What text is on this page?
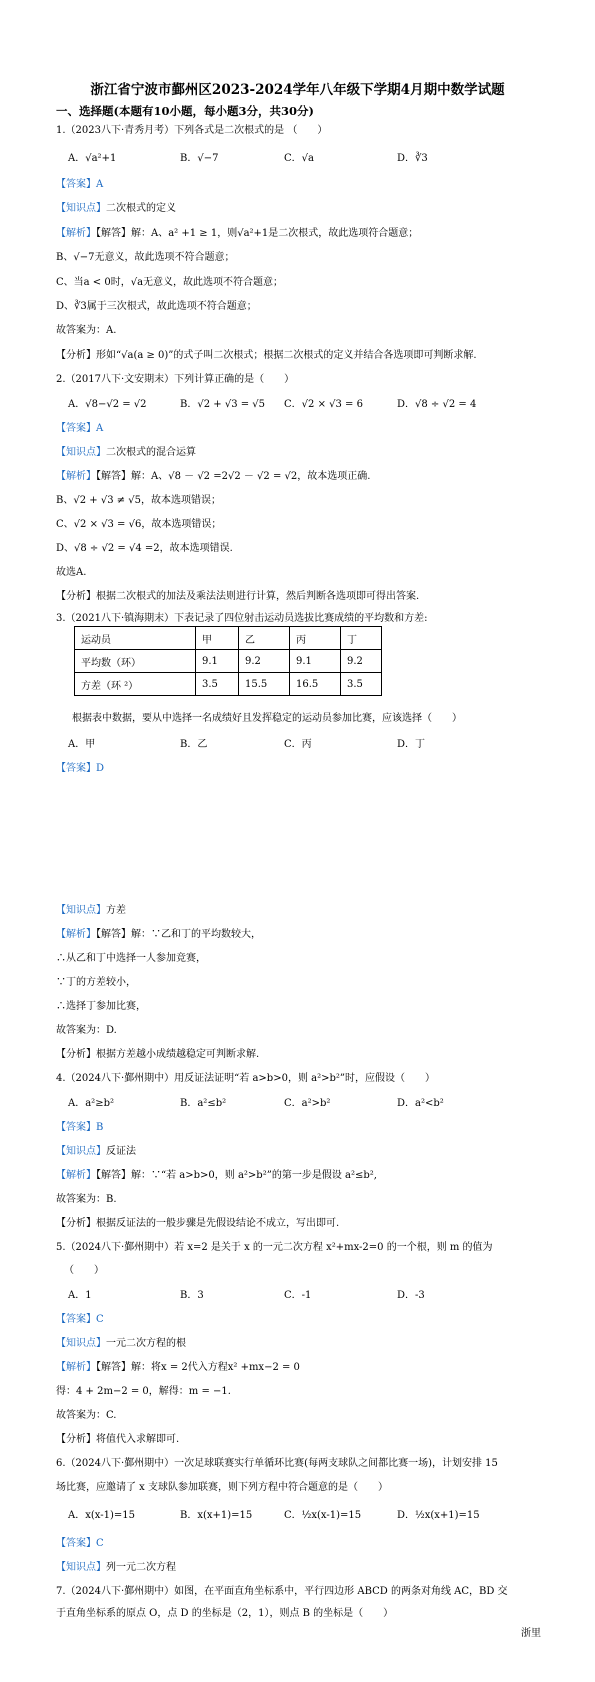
浙江省宁波市鄞州区2023-2024学年八年级下学期4月期中数学试题
一、选择题(本题有10小题，每小题3分，共30分)
1.（2023八下·青秀月考）下列各式是二次根式的是 （　　）
A．√a²+1	B．√−7	C．√a	D．∛3
【答案】A
【知识点】二次根式的定义
【解析】【解答】解：A、a² +1 ≥ 1，则√a²+1是二次根式，故此选项符合题意；
B、√−7无意义，故此选项不符合题意；
C、当a < 0时，√a无意义，故此选项不符合题意；
D、∛3属于三次根式，故此选项不符合题意；
故答案为：A.
【分析】形如“√a(a ≥ 0)”的式子叫二次根式；根据二次根式的定义并结合各选项即可判断求解.
2.（2017八下·文安期末）下列计算正确的是（　　）
A．√8−√2 = √2	B．√2 + √3 = √5 C．√2 × √3 = 6	D．√8 ÷ √2 = 4
【答案】A
【知识点】二次根式的混合运算
【解析】【解答】解：A、√8 － √2 =2√2 － √2 = √2，故本选项正确.
B、√2 + √3 ≠ √5，故本选项错误；
C、√2 × √3 = √6，故本选项错误；
D、√8 ÷ √2 = √4 =2，故本选项错误.
故选A.
【分析】根据二次根式的加法及乘法法则进行计算，然后判断各选项即可得出答案.
3.（2021八下·镇海期末）下表记录了四位射击运动员选拔比赛成绩的平均数和方差:
运动员	甲	乙	丙	丁
平均数（环）	9.1	9.2	9.1	9.2
方差（环 ²）	3.5	15.5	16.5	3.5
根据表中数据，要从中选择一名成绩好且发挥稳定的运动员参加比赛，应该选择（　　）
A．甲	B．乙	C．丙	D．丁
【答案】D
【知识点】方差
【解析】【解答】解：∵乙和丁的平均数较大，
∴从乙和丁中选择一人参加竞赛，
∵丁的方差较小，
∴选择丁参加比赛，
故答案为：D.
【分析】根据方差越小成绩越稳定可判断求解.
4.（2024八下·鄞州期中）用反证法证明“若 a>b>0，则 a²>b²”时，应假设（　　）
A．a²≥b²	B．a²≤b²	C．a²>b²	D．a²<b²
【答案】B
【知识点】反证法
【解析】【解答】解：∵“若 a>b>0，则 a²>b²”的第一步是假设 a²≤b²,
故答案为：B.
【分析】根据反证法的一般步骤是先假设结论不成立，写出即可.
5.（2024八下·鄞州期中）若 x=2 是关于 x 的一元二次方程 x²+mx-2=0 的一个根，则 m 的值为
（　　）
A．1	B．3	C．-1	D．-3
【答案】C
【知识点】一元二次方程的根
【解析】【解答】解：将x = 2代入方程x² +mx−2 = 0
得：4 + 2m−2 = 0，解得：m = −1.
故答案为：C.
【分析】将值代入求解即可.
6.（2024八下·鄞州期中）一次足球联赛实行单循环比赛(每两支球队之间都比赛一场)，计划安排 15
场比赛，应邀请了 x 支球队参加联赛，则下列方程中符合题意的是（　　）
A．x(x-1)=15	B．x(x+1)=15	C．½x(x-1)=15	D．½x(x+1)=15
【答案】C
【知识点】列一元二次方程
7.（2024八下·鄞州期中）如图，在平面直角坐标系中，平行四边形 ABCD 的两条对角线 AC，BD 交
于直角坐标系的原点 O，点 D 的坐标是（2，1），则点 B 的坐标是（　　）
浙里
